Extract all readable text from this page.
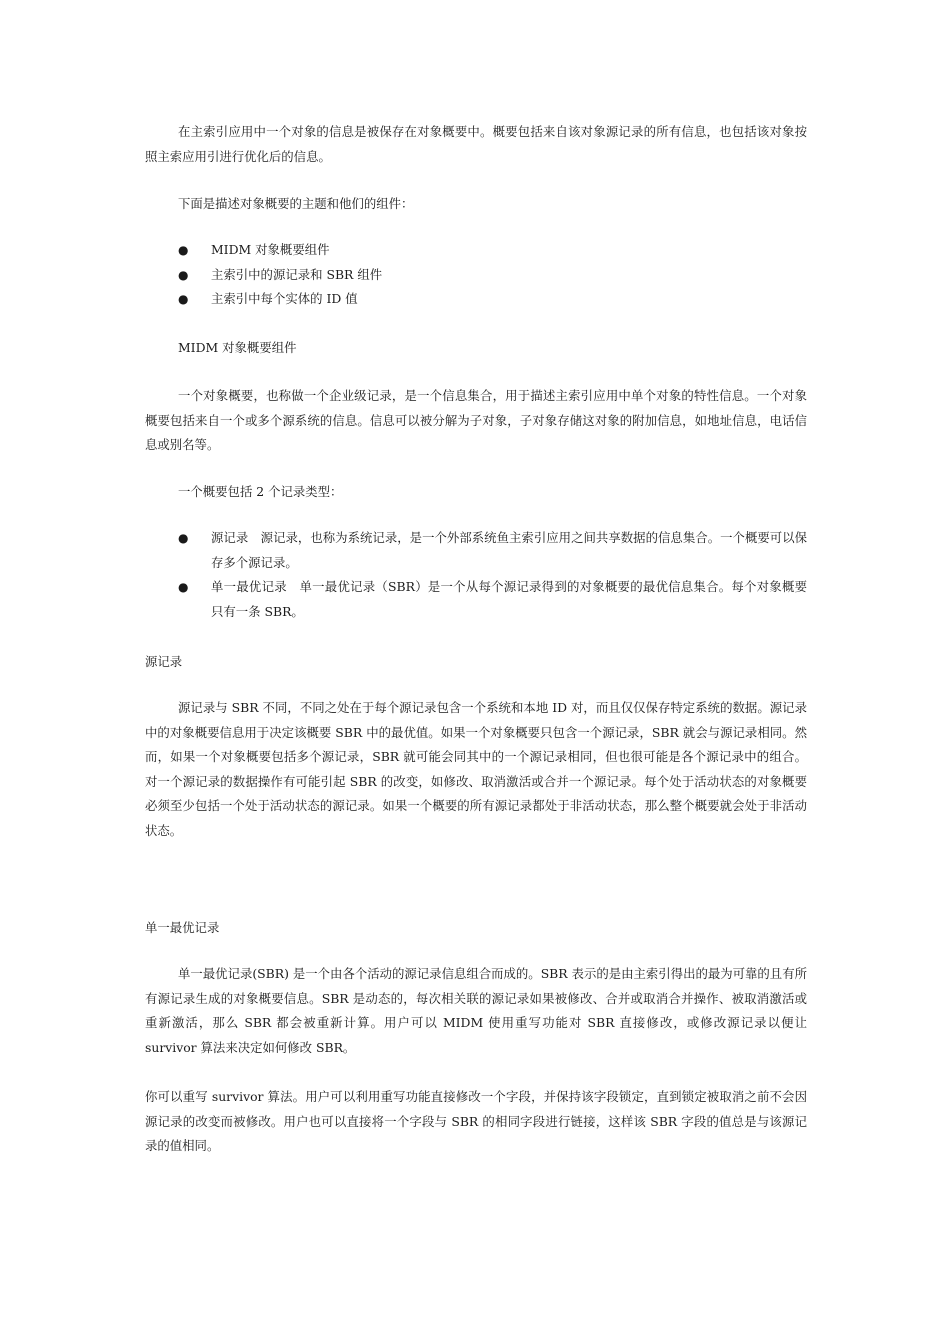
在主索引应用中一个对象的信息是被保存在对象概要中。概要包括来自该对象源记录的所有信息，也包括该对象按照主索应用引进行优化后的信息。

下面是描述对象概要的主题和他们的组件：

● MIDM 对象概要组件
● 主索引中的源记录和 SBR 组件
● 主索引中每个实体的 ID 值

MIDM 对象概要组件

一个对象概要，也称做一个企业级记录，是一个信息集合，用于描述主索引应用中单个对象的特性信息。一个对象概要包括来自一个或多个源系统的信息。信息可以被分解为子对象，子对象存储这对象的附加信息，如地址信息，电话信息或别名等。

一个概要包括 2 个记录类型：

● 源记录　源记录，也称为系统记录，是一个外部系统鱼主索引应用之间共享数据的信息集合。一个概要可以保存多个源记录。
● 单一最优记录　单一最优记录（SBR）是一个从每个源记录得到的对象概要的最优信息集合。每个对象概要只有一条 SBR。

源记录

源记录与 SBR 不同，不同之处在于每个源记录包含一个系统和本地 ID 对，而且仅仅保存特定系统的数据。源记录中的对象概要信息用于决定该概要 SBR 中的最优值。如果一个对象概要只包含一个源记录，SBR 就会与源记录相同。然而，如果一个对象概要包括多个源记录，SBR 就可能会同其中的一个源记录相同，但也很可能是各个源记录中的组合。对一个源记录的数据操作有可能引起 SBR 的改变，如修改、取消激活或合并一个源记录。每个处于活动状态的对象概要必须至少包括一个处于活动状态的源记录。如果一个概要的所有源记录都处于非活动状态，那么整个概要就会处于非活动状态。

单一最优记录

单一最优记录(SBR) 是一个由各个活动的源记录信息组合而成的。SBR 表示的是由主索引得出的最为可靠的且有所有源记录生成的对象概要信息。SBR 是动态的，每次相关联的源记录如果被修改、合并或取消合并操作、被取消激活或重新激活，那么 SBR 都会被重新计算。用户可以 MIDM 使用重写功能对 SBR 直接修改，或修改源记录以便让 survivor 算法来决定如何修改 SBR。

你可以重写 survivor 算法。用户可以利用重写功能直接修改一个字段，并保持该字段锁定，直到锁定被取消之前不会因源记录的改变而被修改。用户也可以直接将一个字段与 SBR 的相同字段进行链接，这样该 SBR 字段的值总是与该源记录的值相同。
